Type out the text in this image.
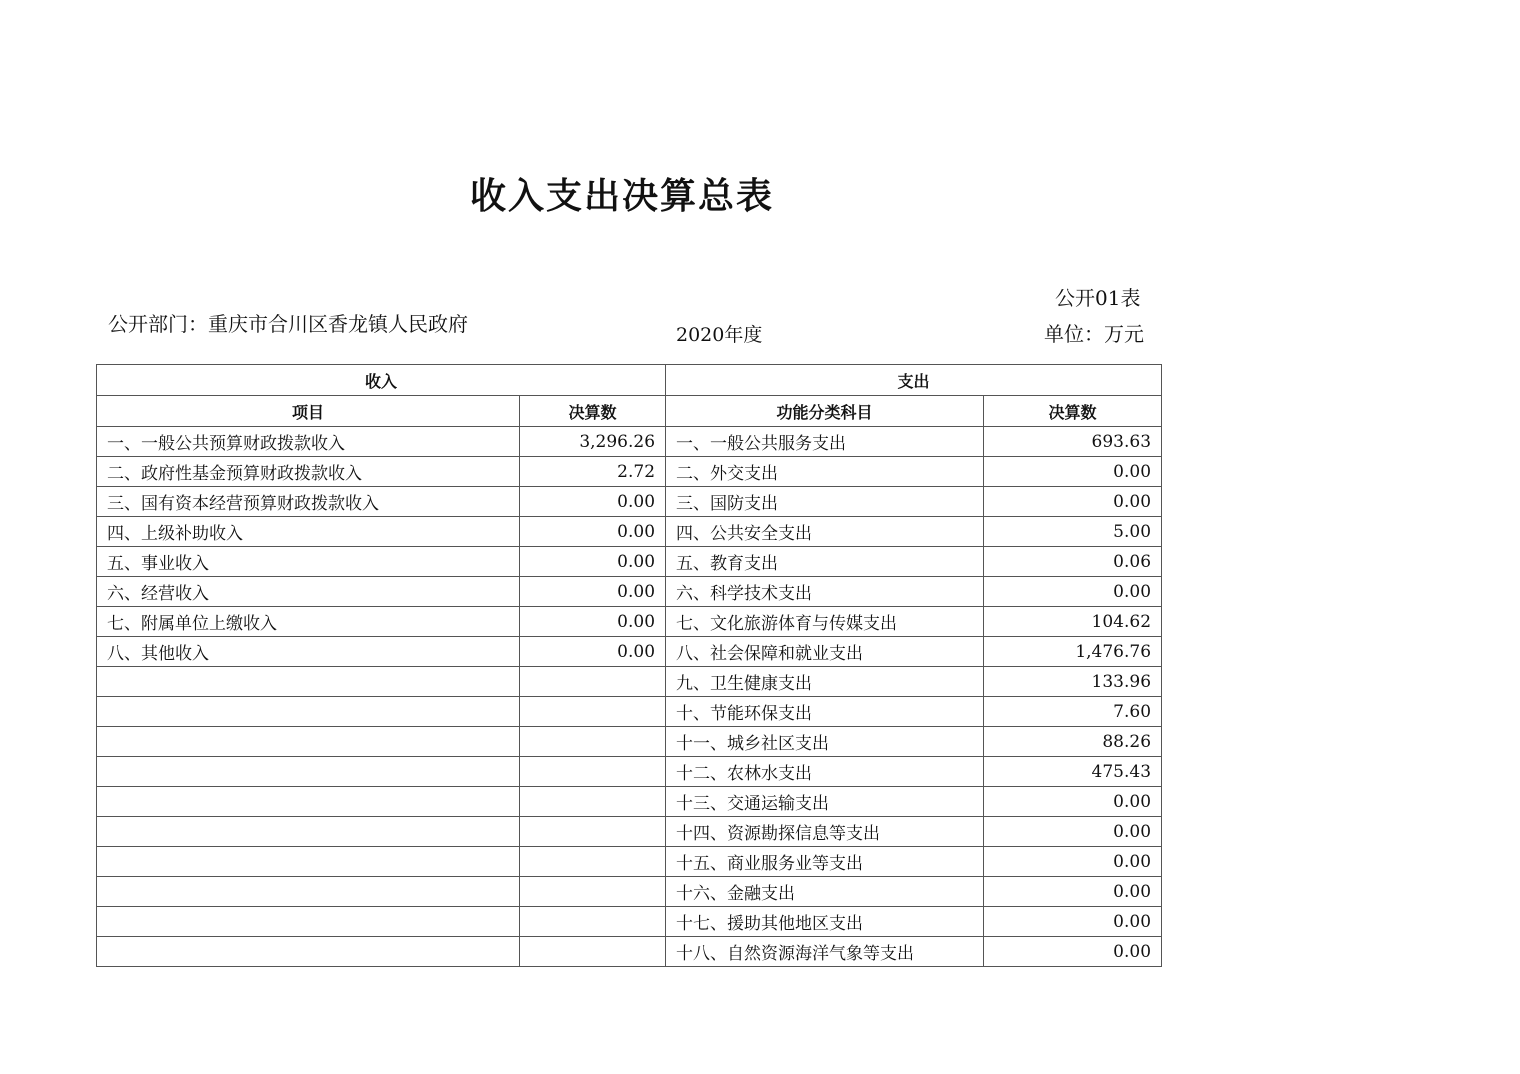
收入支出决算总表
公开01表
公开部门：重庆市合川区香龙镇人民政府	2020年度	单位：万元
收入		支出	
项目	决算数	功能分类科目	决算数
一、一般公共预算财政拨款收入	3,296.26	一、一般公共服务支出	693.63
二、政府性基金预算财政拨款收入	2.72	二、外交支出	0.00
三、国有资本经营预算财政拨款收入	0.00	三、国防支出	0.00
四、上级补助收入	0.00	四、公共安全支出	5.00
五、事业收入	0.00	五、教育支出	0.06
六、经营收入	0.00	六、科学技术支出	0.00
七、附属单位上缴收入	0.00	七、文化旅游体育与传媒支出	104.62
八、其他收入	0.00	八、社会保障和就业支出	1,476.76
		九、卫生健康支出	133.96
		十、节能环保支出	7.60
		十一、城乡社区支出	88.26
		十二、农林水支出	475.43
		十三、交通运输支出	0.00
		十四、资源勘探信息等支出	0.00
		十五、商业服务业等支出	0.00
		十六、金融支出	0.00
		十七、援助其他地区支出	0.00
		十八、自然资源海洋气象等支出	0.00
